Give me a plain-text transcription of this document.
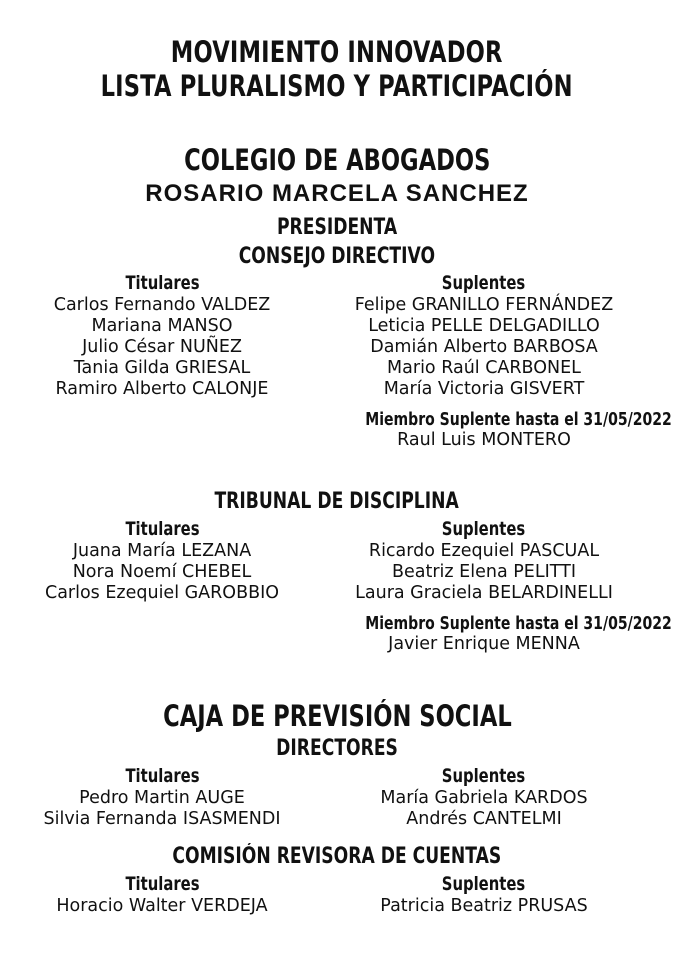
MOVIMIENTO INNOVADOR
LISTA PLURALISMO Y PARTICIPACIÓN
COLEGIO DE ABOGADOS
ROSARIO MARCELA SANCHEZ
PRESIDENTA
CONSEJO DIRECTIVO
Titulares
Carlos Fernando VALDEZ
Mariana MANSO
Julio César NUÑEZ
Tania Gilda GRIESAL
Ramiro Alberto CALONJE
Suplentes
Felipe GRANILLO FERNÁNDEZ
Leticia PELLE DELGADILLO
Damián Alberto BARBOSA
Mario Raúl CARBONEL
María Victoria GISVERT
Miembro Suplente hasta el 31/05/2022
Raul Luis MONTERO
TRIBUNAL DE DISCIPLINA
Titulares
Juana María LEZANA
Nora Noemí CHEBEL
Carlos Ezequiel GAROBBIO
Suplentes
Ricardo Ezequiel PASCUAL
Beatriz Elena PELITTI
Laura Graciela BELARDINELLI
Miembro Suplente hasta el 31/05/2022
Javier Enrique MENNA
CAJA DE PREVISIÓN SOCIAL
DIRECTORES
Titulares
Pedro Martin AUGE
Silvia Fernanda ISASMENDI
Suplentes
María Gabriela KARDOS
Andrés CANTELMI
COMISIÓN REVISORA DE CUENTAS
Titulares
Horacio Walter VERDEJA
Suplentes
Patricia Beatriz PRUSAS
